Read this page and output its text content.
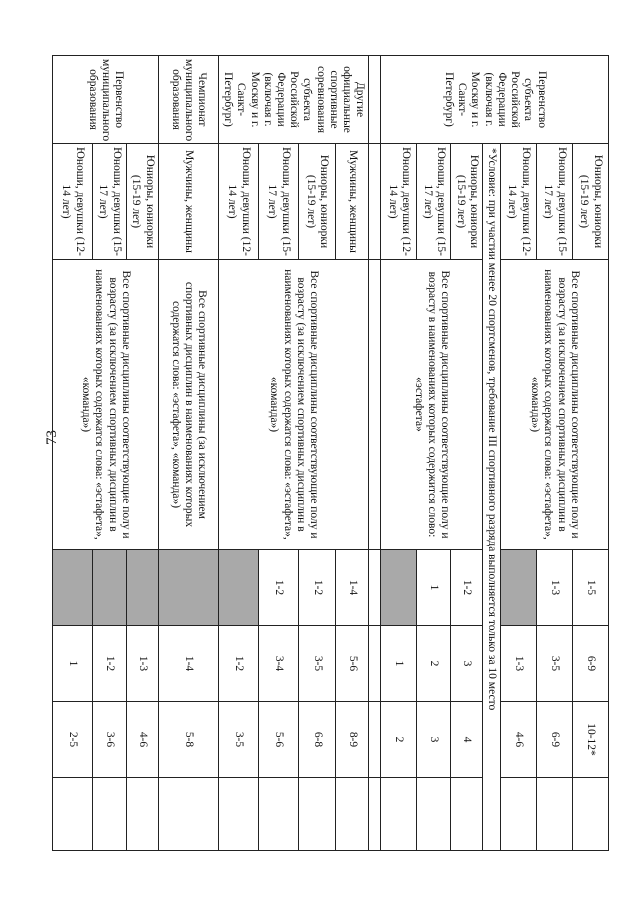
73
Первенство субъекта Российской Федерации (включая г. Москву и г. Санкт-Петербург)	Юниоры, юниорки (15-19 лет)	Все спортивные дисциплины соответствующие полу и возрасту (за исключением спортивных дисциплин в наименованиях которых содержатся слова: «эстафета», «команда»)	1-5	6-9	10-12*	
	Юноши, девушки (15-17 лет)		1-3	3-5	6-9	
	Юноши, девушки (12-14 лет)			1-3	4-6	
	*Условие: при участии менее 20 спортсменов, требование III спортивного разряда выполняется только за 10 место					
	Юниоры, юниорки (15-19 лет)	Все спортивные дисциплины соответствующие полу и возрасту в наименованиях которых содержится слово: «эстафета»	1-2	3	4	
	Юноши, девушки (15-17 лет)		1	2	3	
	Юноши, девушки (12-14 лет)			1	2	

Другие официальные спортивные соревнования субъекта Российской Федерации (включая г. Москву и г. Санкт-Петербург)	Мужчины, женщины	Все спортивные дисциплины соответствующие полу и возрасту (за исключением спортивных дисциплин в наименованиях которых содержатся слова: «эстафета», «команда»)	1-4	5-6	8-9	
	Юниоры, юниорки (15-19 лет)		1-2	3-5	6-8	
	Юноши, девушки (15-17 лет)		1-2	3-4	5-6	
	Юноши, девушки (12-14 лет)			1-2	3-5	
Чемпионат муниципального образования	Мужчины, женщины	Все спортивные дисциплины (за исключением спортивных дисциплин в наименованиях которых содержатся слова: «эстафета», «команда»)		1-4	5-8	
Первенство муниципального образования	Юниоры, юниорки (15-19 лет)	Все спортивные дисциплины соответствующие полу и возрасту (за исключением спортивных дисциплин в наименованиях которых содержатся слова: «эстафета», «команда»)		1-3	4-6	
	Юноши, девушки (15-17 лет)			1-2	3-6	
	Юноши, девушки (12-14 лет)			1	2-5	
